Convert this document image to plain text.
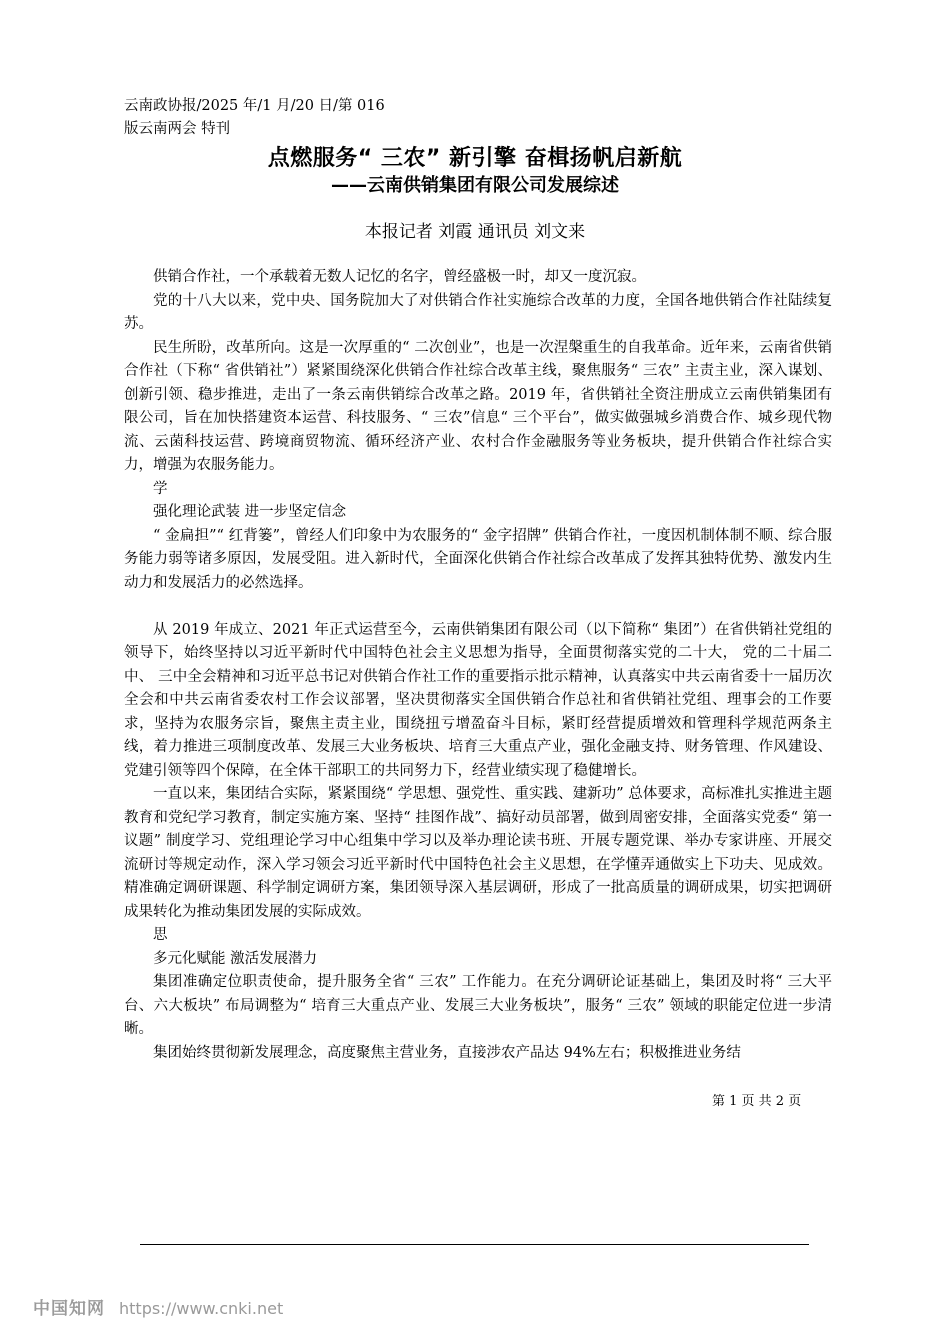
云南政协报/2025 年/1 月/20 日/第 016
版云南两会 特刊
点燃服务“ 三农” 新引擎 奋楫扬帆启新航
——云南供销集团有限公司发展综述
本报记者 刘霞 通讯员 刘文来

供销合作社，一个承载着无数人记忆的名字，曾经盛极一时，却又一度沉寂。

党的十八大以来，党中央、国务院加大了对供销合作社实施综合改革的力度，全国各地供销合作社陆续复苏。

民生所盼，改革所向。这是一次厚重的“ 二次创业”，也是一次涅槃重生的自我革命。近年来，云南省供销合作社（下称“ 省供销社”）紧紧围绕深化供销合作社综合改革主线，聚焦服务“ 三农” 主责主业，深入谋划、创新引领、稳步推进，走出了一条云南供销综合改革之路。2019 年，省供销社全资注册成立云南供销集团有限公司，旨在加快搭建资本运营、科技服务、“ 三农”信息“ 三个平台”，做实做强城乡消费合作、城乡现代物流、云菌科技运营、跨境商贸物流、循环经济产业、农村合作金融服务等业务板块，提升供销合作社综合实力，增强为农服务能力。

学

强化理论武装 进一步坚定信念

“ 金扁担”“ 红背篓”，曾经人们印象中为农服务的“ 金字招牌” 供销合作社，一度因机制体制不顺、综合服务能力弱等诸多原因，发展受阻。进入新时代，全面深化供销合作社综合改革成了发挥其独特优势、激发内生动力和发展活力的必然选择。

从 2019 年成立、2021 年正式运营至今，云南供销集团有限公司（以下简称“ 集团”）在省供销社党组的领导下，始终坚持以习近平新时代中国特色社会主义思想为指导，全面贯彻落实党的二十大， 党的二十届二中、 三中全会精神和习近平总书记对供销合作社工作的重要指示批示精神，认真落实中共云南省委十一届历次全会和中共云南省委农村工作会议部署，坚决贯彻落实全国供销合作总社和省供销社党组、理事会的工作要求，坚持为农服务宗旨，聚焦主责主业，围绕扭亏增盈奋斗目标，紧盯经营提质增效和管理科学规范两条主线，着力推进三项制度改革、发展三大业务板块、培育三大重点产业，强化金融支持、财务管理、作风建设、党建引领等四个保障，在全体干部职工的共同努力下，经营业绩实现了稳健增长。

一直以来，集团结合实际，紧紧围绕“ 学思想、强党性、重实践、建新功” 总体要求，高标准扎实推进主题教育和党纪学习教育，制定实施方案、坚持“ 挂图作战”、搞好动员部署，做到周密安排，全面落实党委“ 第一议题” 制度学习、党组理论学习中心组集中学习以及举办理论读书班、开展专题党课、举办专家讲座、开展交流研讨等规定动作，深入学习领会习近平新时代中国特色社会主义思想，在学懂弄通做实上下功夫、见成效。精准确定调研课题、科学制定调研方案，集团领导深入基层调研，形成了一批高质量的调研成果，切实把调研成果转化为推动集团发展的实际成效。

思

多元化赋能 激活发展潜力

集团准确定位职责使命，提升服务全省“ 三农” 工作能力。在充分调研论证基础上，集团及时将“ 三大平台、六大板块” 布局调整为“ 培育三大重点产业、发展三大业务板块”，服务“ 三农” 领域的职能定位进一步清晰。

集团始终贯彻新发展理念，高度聚焦主营业务，直接涉农产品达 94%左右；积极推进业务结

第 1 页 共 2 页
中国知网 https://www.cnki.net
